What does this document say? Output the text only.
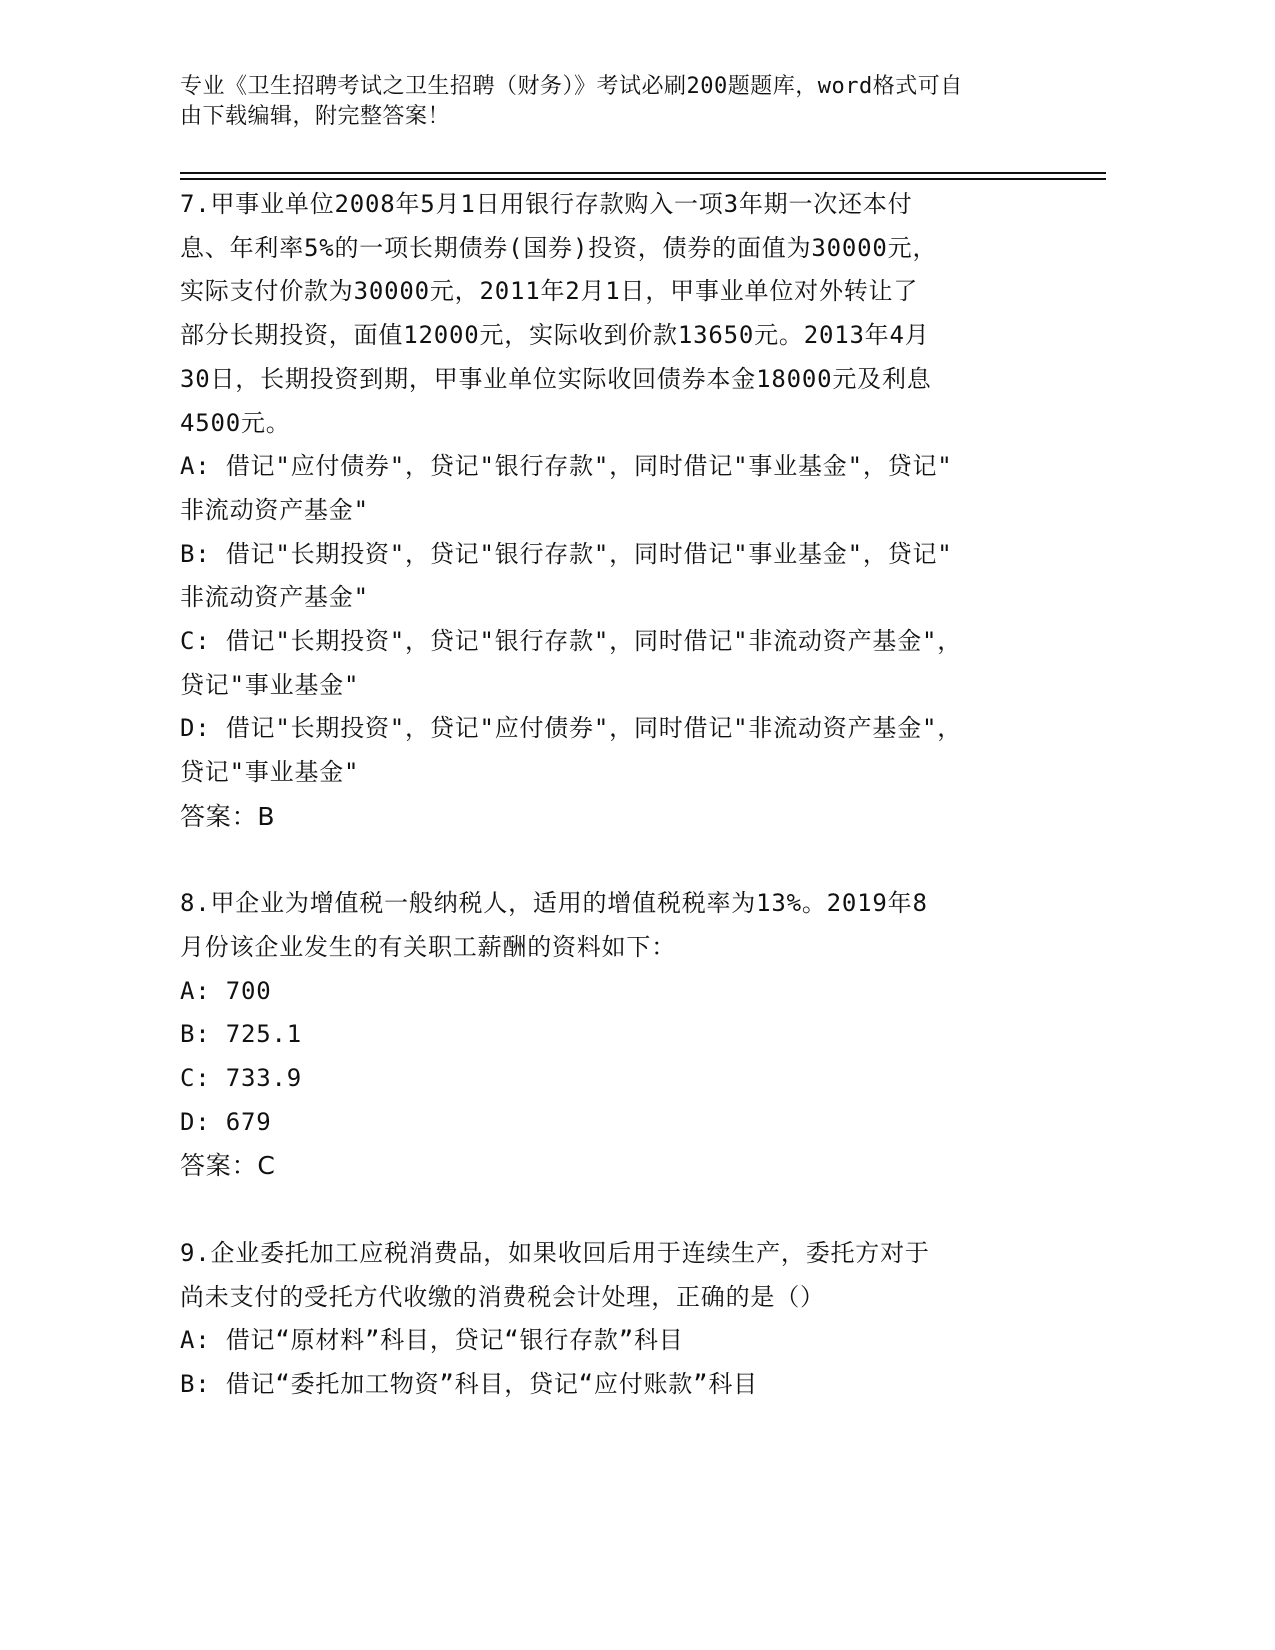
专业《卫生招聘考试之卫生招聘（财务）》考试必刷200题题库，word格式可自
由下载编辑，附完整答案！
7.甲事业单位2008年5月1日用银行存款购入一项3年期一次还本付
息、年利率5%的一项长期债券(国券)投资，债券的面值为30000元，
实际支付价款为30000元，2011年2月1日，甲事业单位对外转让了
部分长期投资，面值12000元，实际收到价款13650元。2013年4月
30日，长期投资到期，甲事业单位实际收回债券本金18000元及利息
4500元。
A: 借记"应付债券"，贷记"银行存款"，同时借记"事业基金"，贷记"
非流动资产基金"
B: 借记"长期投资"，贷记"银行存款"，同时借记"事业基金"，贷记"
非流动资产基金"
C: 借记"长期投资"，贷记"银行存款"，同时借记"非流动资产基金"，
贷记"事业基金"
D: 借记"长期投资"，贷记"应付债券"，同时借记"非流动资产基金"，
贷记"事业基金"
答案：B
8.甲企业为增值税一般纳税人，适用的增值税税率为13%。2019年8
月份该企业发生的有关职工薪酬的资料如下：
A: 700
B: 725.1
C: 733.9
D: 679
答案：C
9.企业委托加工应税消费品，如果收回后用于连续生产，委托方对于
尚未支付的受托方代收缴的消费税会计处理，正确的是（）
A: 借记“原材料”科目，贷记“银行存款”科目
B: 借记“委托加工物资”科目，贷记“应付账款”科目
